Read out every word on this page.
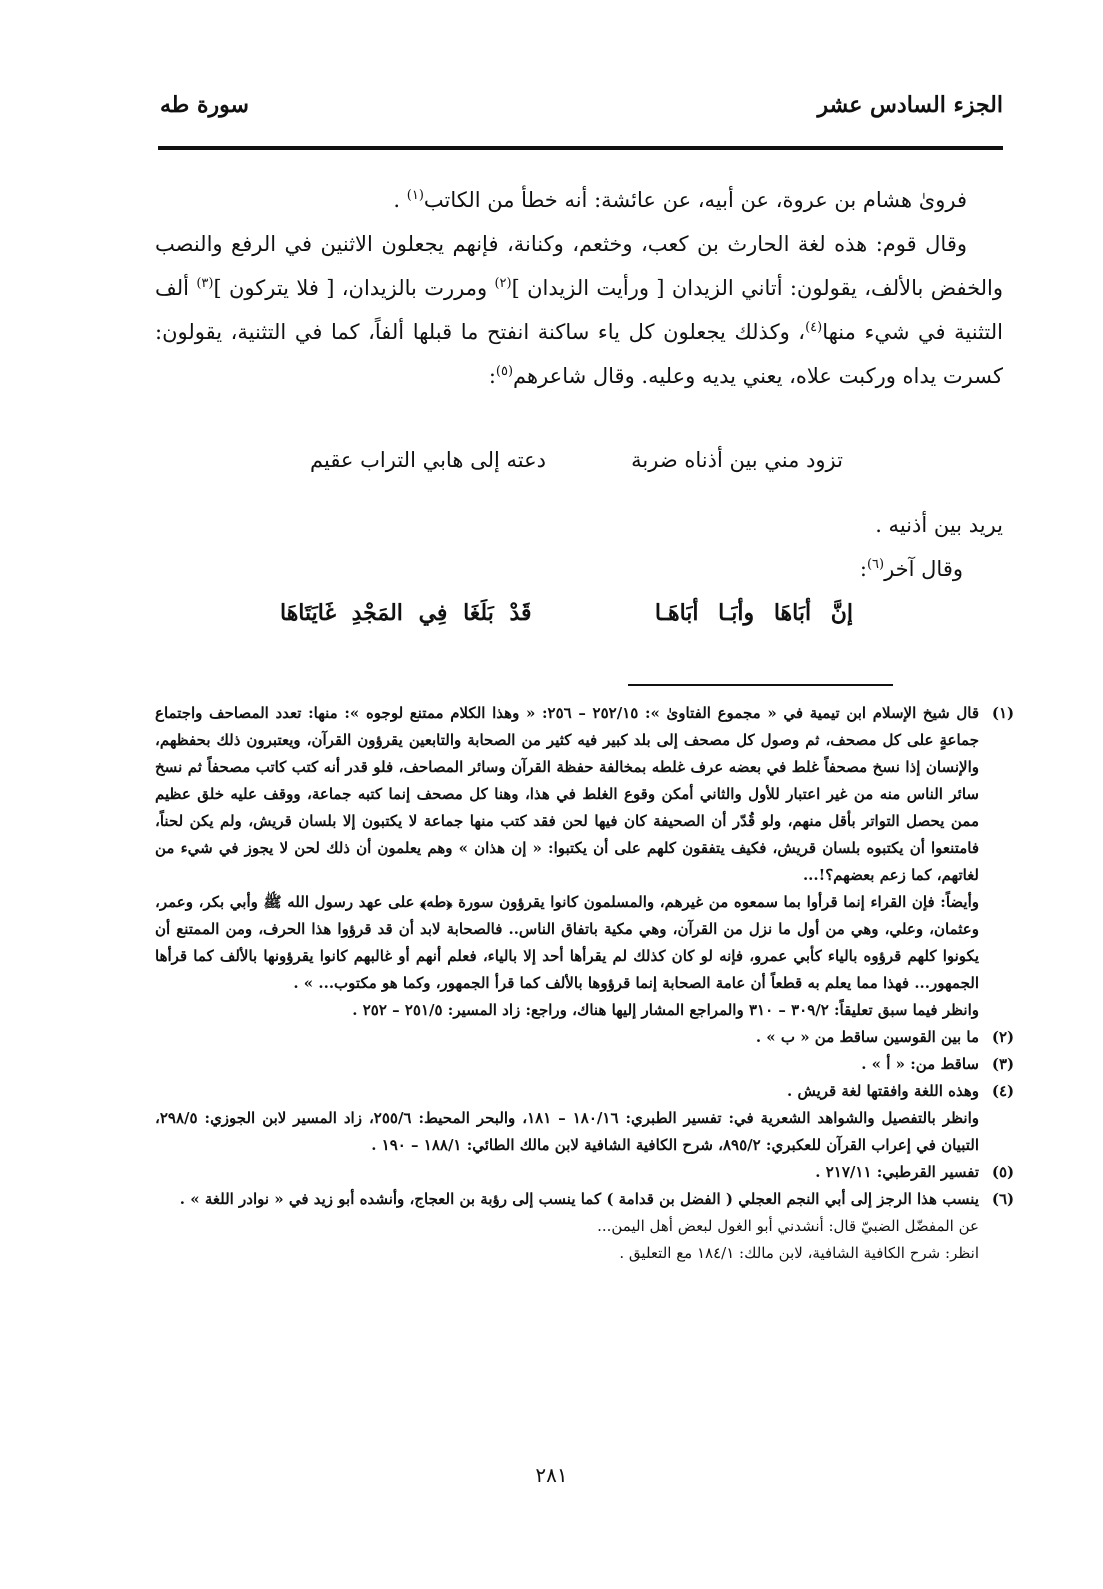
الجزء السادس عشر
سورة طه

فروىٰ هشام بن عروة، عن أبيه، عن عائشة: أنه خطأ من الكاتب$^{(١)}$ .

وقال قوم: هذه لغة الحارث بن كعب، وخثعم، وكنانة، فإنهم يجعلون الاثنين في الرفع والنصب والخفض بالألف، يقولون: أتاني الزيدان [ ورأيت الزيدان ]$^{(٢)}$ ومررت بالزيدان، [ فلا يتركون ]$^{(٣)}$ ألف التثنية في شيء منها$^{(٤)}$، وكذلك يجعلون كل ياء ساكنة انفتح ما قبلها ألفاً، كما في التثنية، يقولون: كسرت يداه وركبت علاه، يعني يديه وعليه. وقال شاعرهم$^{(٥)}$:

تزود مني بين أذناه ضربة
دعته إلى هابي التراب عقيم

يريد بين أذنيه .

وقال آخر$^{(٦)}$:

إنَّ أبَاهَا وأبَـا أبَاهَـا
قَدْ بَلَغَا فِي المَجْدِ غَايَتَاهَا
(١)

قال شيخ الإسلام ابن تيمية في « مجموع الفتاوىٰ »: ٢٥٢/١٥ – ٢٥٦: « وهذا الكلام ممتنع لوجوه »: منها: تعدد المصاحف واجتماع جماعةٍ على كل مصحف، ثم وصول كل مصحف إلى بلد كبير فيه كثير من الصحابة والتابعين يقرؤون القرآن، ويعتبرون ذلك بحفظهم، والإنسان إذا نسخ مصحفاً غلط في بعضه عرف غلطه بمخالفة حفظة القرآن وسائر المصاحف، فلو قدر أنه كتب كاتب مصحفاً ثم نسخ سائر الناس منه من غير اعتبار للأول والثاني أمكن وقوع الغلط في هذا، وهنا كل مصحف إنما كتبه جماعة، ووقف عليه خلق عظيم ممن يحصل التواتر بأقل منهم، ولو قُدّر أن الصحيفة كان فيها لحن فقد كتب منها جماعة لا يكتبون إلا بلسان قريش، ولم يكن لحناً، فامتنعوا أن يكتبوه بلسان قريش، فكيف يتفقون كلهم على أن يكتبوا: « إن هذان » وهم يعلمون أن ذلك لحن لا يجوز في شيء من لغاتهم، كما زعم بعضهم؟!...

وأيضاً: فإن القراء إنما قرأوا بما سمعوه من غيرهم، والمسلمون كانوا يقرؤون سورة ﴿طه﴾ على عهد رسول الله ﷺ وأبي بكر، وعمر، وعثمان، وعلي، وهي من أول ما نزل من القرآن، وهي مكية باتفاق الناس.. فالصحابة لابد أن قد قرؤوا هذا الحرف، ومن الممتنع أن يكونوا كلهم قرؤوه بالياء كأبي عمرو، فإنه لو كان كذلك لم يقرأها أحد إلا بالياء، فعلم أنهم أو غالبهم كانوا يقرؤونها بالألف كما قرأها الجمهور... فهذا مما يعلم به قطعاً أن عامة الصحابة إنما قرؤوها بالألف كما قرأ الجمهور، وكما هو مكتوب... » .

وانظر فيما سبق تعليقاً: ٣٠٩/٢ – ٣١٠ والمراجع المشار إليها هناك، وراجع: زاد المسير: ٢٥١/٥ – ٢٥٢ .

(٢)

ما بين القوسين ساقط من « ب » .

(٣)

ساقط من: « أ » .

(٤)

وهذه اللغة وافقتها لغة قريش .

وانظر بالتفصيل والشواهد الشعرية في: تفسير الطبري: ١٨٠/١٦ – ١٨١، والبحر المحيط: ٢٥٥/٦، زاد المسير لابن الجوزي: ٢٩٨/٥، التبيان في إعراب القرآن للعكبري: ٨٩٥/٢، شرح الكافية الشافية لابن مالك الطائي: ١٨٨/١ – ١٩٠ .

(٥)

تفسير القرطبي: ٢١٧/١١ .

(٦)

ينسب هذا الرجز إلى أبي النجم العجلي ( الفضل بن قدامة ) كما ينسب إلى رؤبة بن العجاج، وأنشده أبو زيد في « نوادر اللغة » .

عن المفضّل الضبيّ قال: أنشدني أبو الغول لبعض أهل اليمن...

انظر: شرح الكافية الشافية، لابن مالك: ١٨٤/١ مع التعليق .

٢٨١
